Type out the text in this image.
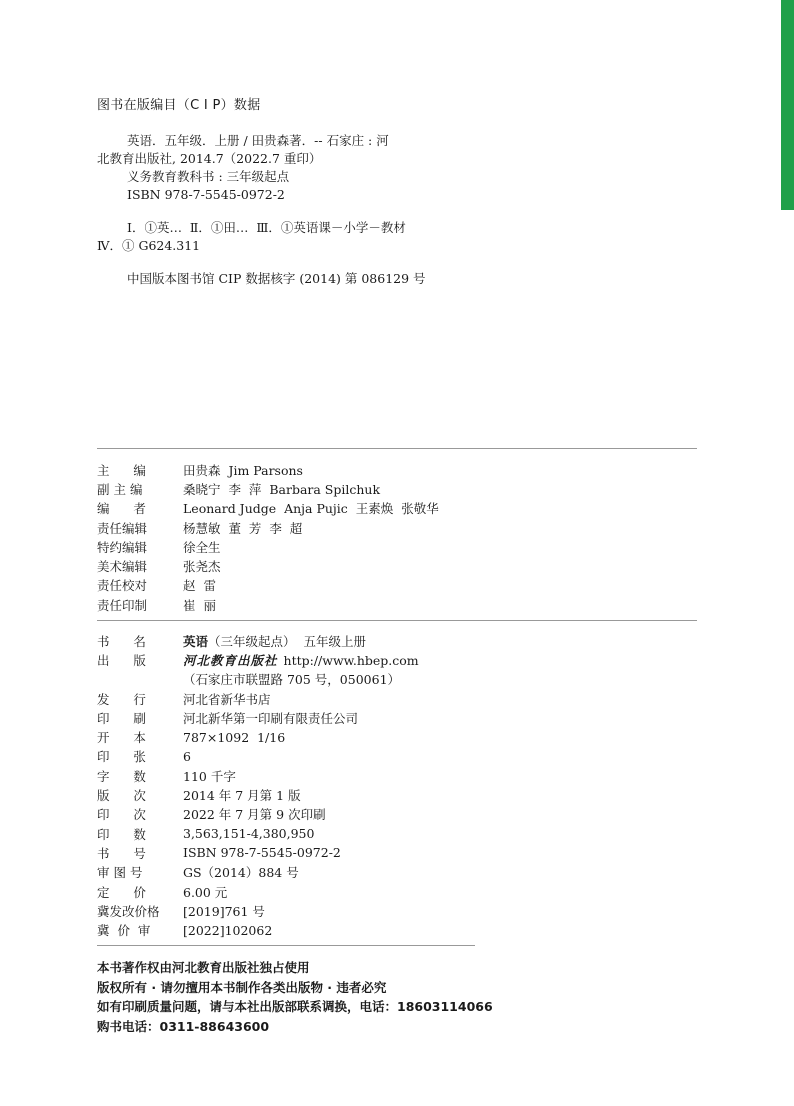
图书在版编目（C I P）数据
英语．五年级．上册 / 田贵森著．-- 石家庄 : 河
北教育出版社, 2014.7（2022.7 重印）
义务教育教科书 : 三年级起点
ISBN 978-7-5545-0972-2
Ⅰ．①英…  Ⅱ．①田…  Ⅲ．①英语课－小学－教材
Ⅳ．① G624.311
中国版本图书馆 CIP 数据核字 (2014) 第 086129 号
主      编	田贵森  Jim Parsons
副 主 编	桑晓宁  李  萍  Barbara Spilchuk
编      者	Leonard Judge  Anja Pujic  王素焕  张敬华
责任编辑	杨慧敏  董  芳  李  超
特约编辑	徐全生
美术编辑	张尧杰
责任校对	赵  雷
责任印制	崔  丽
书      名	英语（三年级起点）  五年级上册
出      版	河北教育出版社 http://www.hbep.com
（石家庄市联盟路 705 号，050061）
发      行	河北省新华书店
印      刷	河北新华第一印刷有限责任公司
开      本	787×1092  1/16
印      张	6
字      数	110 千字
版      次	2014 年 7 月第 1 版
印      次	2022 年 7 月第 9 次印刷
印      数	3,563,151-4,380,950
书      号	ISBN 978-7-5545-0972-2
审 图 号	GS（2014）884 号
定      价	6.00 元
冀发改价格	[2019]761 号
冀  价  审	[2022]102062
本书著作权由河北教育出版社独占使用
版权所有 · 请勿擅用本书制作各类出版物 · 违者必究
如有印刷质量问题，请与本社出版部联系调换，电话：18603114066
购书电话：0311-88643600
